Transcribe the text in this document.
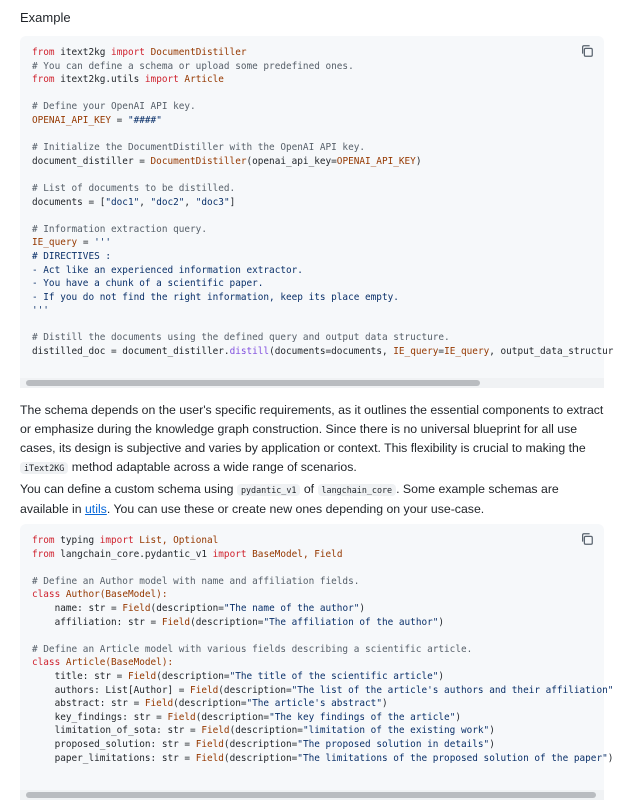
Example
from itext2kg import DocumentDistiller
# You can define a schema or upload some predefined ones.
from itext2kg.utils import Article

# Define your OpenAI API key.
OPENAI_API_KEY = "####"

# Initialize the DocumentDistiller with the OpenAI API key.
document_distiller = DocumentDistiller(openai_api_key=OPENAI_API_KEY)

# List of documents to be distilled.
documents = ["doc1", "doc2", "doc3"]

# Information extraction query.
IE_query = '''
# DIRECTIVES :
- Act like an experienced information extractor.
- You have a chunk of a scientific paper.
- If you do not find the right information, keep its place empty.
'''

# Distill the documents using the defined query and output data structure.
distilled_doc = document_distiller.distill(documents=documents, IE_query=IE_query, output_data_structur
The schema depends on the user's specific requirements, as it outlines the essential components to extract or emphasize during the knowledge graph construction. Since there is no universal blueprint for all use cases, its design is subjective and varies by application or context. This flexibility is crucial to making the iText2KG method adaptable across a wide range of scenarios.
You can define a custom schema using pydantic_v1 of langchain_core . Some example schemas are available in utils. You can use these or create new ones depending on your use-case.
from typing import List, Optional
from langchain_core.pydantic_v1 import BaseModel, Field

# Define an Author model with name and affiliation fields.
class Author(BaseModel):
name: str = Field(description="The name of the author")
affiliation: str = Field(description="The affiliation of the author")

# Define an Article model with various fields describing a scientific article.
class Article(BaseModel):
title: str = Field(description="The title of the scientific article")
authors: List[Author] = Field(description="The list of the article's authors and their affiliation"
abstract: str = Field(description="The article's abstract")
key_findings: str = Field(description="The key findings of the article")
limitation_of_sota: str = Field(description="limitation of the existing work")
proposed_solution: str = Field(description="The proposed solution in details")
paper_limitations: str = Field(description="The limitations of the proposed solution of the paper")
